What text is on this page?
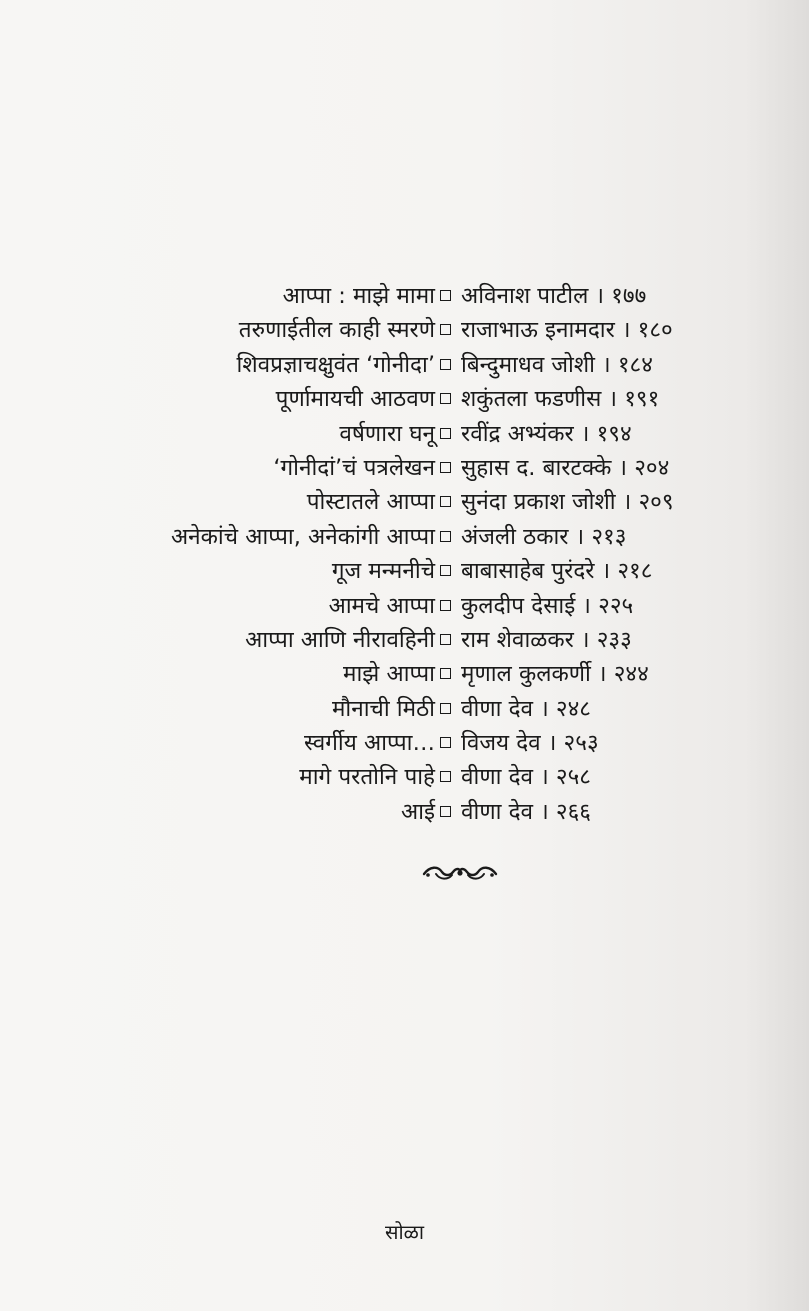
आप्पा : माझे मामा अविनाश पाटील । १७७
तरुणाईतील काही स्मरणे राजाभाऊ इनामदार । १८०
शिवप्रज्ञाचक्षुवंत ‘गोनीदा’ बिन्दुमाधव जोशी । १८४
पूर्णामायची आठवण शकुंतला फडणीस । १९१
वर्षणारा घनू रवींद्र अभ्यंकर । १९४
‘गोनीदां’चं पत्रलेखन सुहास द. बारटक्के । २०४
पोस्टातले आप्पा सुनंदा प्रकाश जोशी । २०९
अनेकांचे आप्पा, अनेकांगी आप्पा अंजली ठकार । २१३
गूज मन्मनीचे बाबासाहेब पुरंदरे । २१८
आमचे आप्पा कुलदीप देसाई । २२५
आप्पा आणि नीरावहिनी राम शेवाळकर । २३३
माझे आप्पा मृणाल कुलकर्णी । २४४
मौनाची मिठी वीणा देव । २४८
स्वर्गीय आप्पा… विजय देव । २५३
मागे परतोनि पाहे वीणा देव । २५८
आई वीणा देव । २६६
सोळा
